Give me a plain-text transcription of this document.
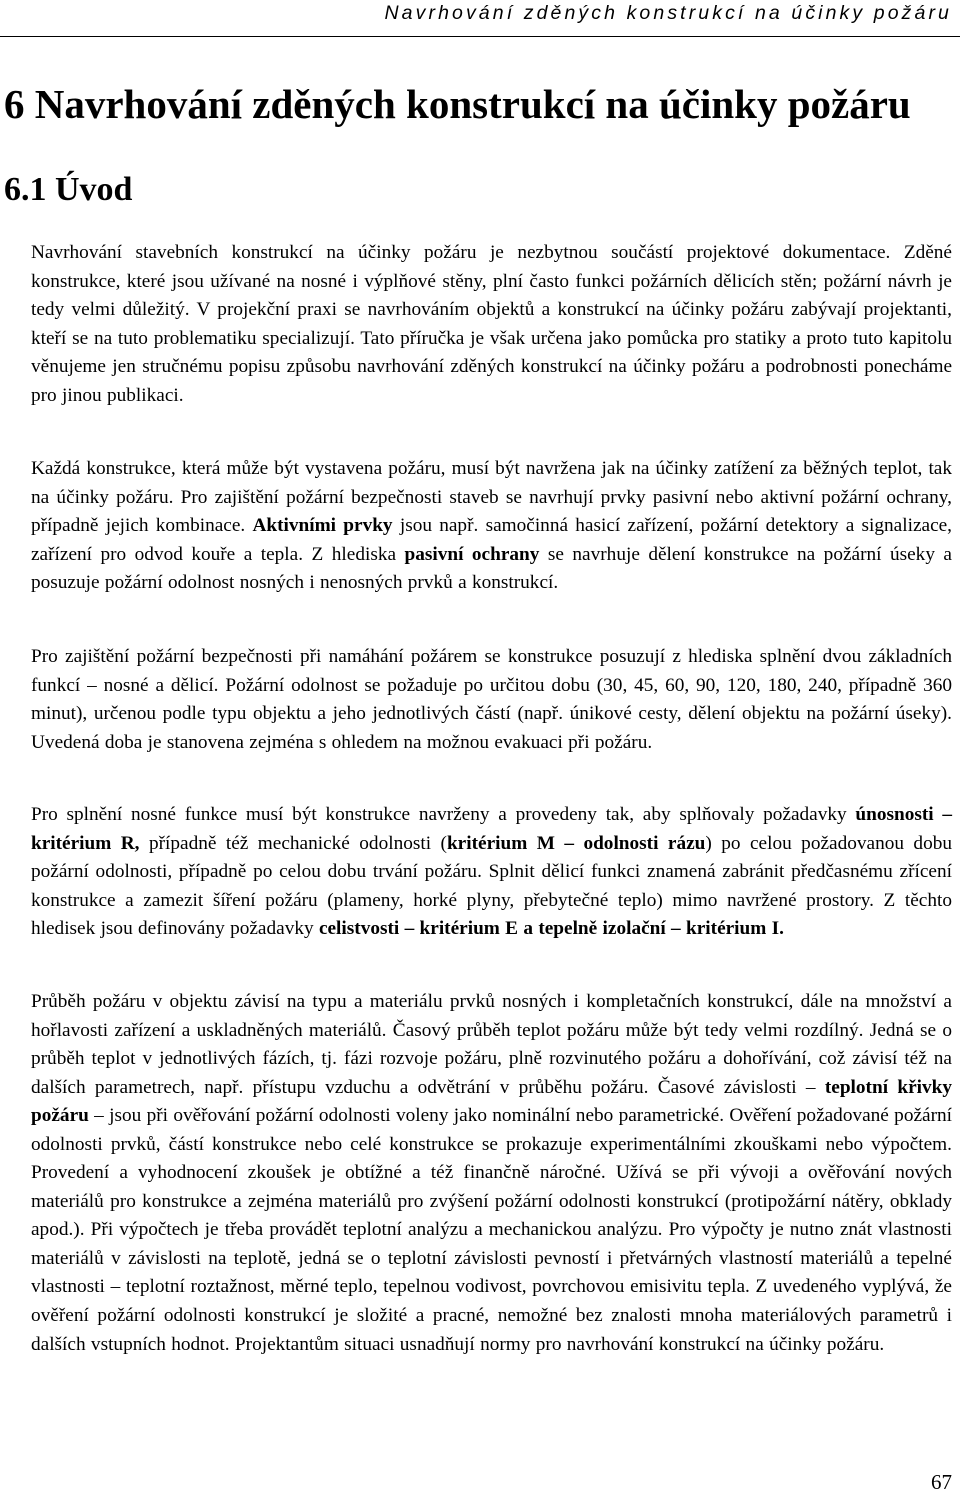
Navrhování zděných konstrukcí na účinky požáru
6 Navrhování zděných konstrukcí na účinky požáru
6.1 Úvod

Navrhování stavebních konstrukcí na účinky požáru je nezbytnou součástí projektové dokumentace. Zděné konstrukce, které jsou užívané na nosné i výplňové stěny, plní často funkci požárních dělicích stěn; požární návrh je tedy velmi důležitý. V projekční praxi se navrhováním objektů a konstrukcí na účinky požáru zabývají projektanti, kteří se na tuto problematiku specializují. Tato příručka je však určena jako pomůcka pro statiky a proto tuto kapitolu věnujeme jen stručnému popisu způsobu navrhování zděných konstrukcí na účinky požáru a podrobnosti ponecháme pro jinou publikaci.

Každá konstrukce, která může být vystavena požáru, musí být navržena jak na účinky zatížení za běžných teplot, tak na účinky požáru. Pro zajištění požární bezpečnosti staveb se navrhují prvky pasivní nebo aktivní požární ochrany, případně jejich kombinace. Aktivními prvky jsou např. samočinná hasicí zařízení, požární detektory a signalizace, zařízení pro odvod kouře a tepla. Z hlediska pasivní ochrany se navrhuje dělení konstrukce na požární úseky a posuzuje požární odolnost nosných i nenosných prvků a konstrukcí.

Pro zajištění požární bezpečnosti při namáhání požárem se konstrukce posuzují z hlediska splnění dvou základních funkcí – nosné a dělicí. Požární odolnost se požaduje po určitou dobu (30, 45, 60, 90, 120, 180, 240, případně 360 minut), určenou podle typu objektu a jeho jednotlivých částí (např. únikové cesty, dělení objektu na požární úseky). Uvedená doba je stanovena zejména s ohledem na možnou evakuaci při požáru.

Pro splnění nosné funkce musí být konstrukce navrženy a provedeny tak, aby splňovaly požadavky únosnosti – kritérium R, případně též mechanické odolnosti (kritérium M – odolnosti rázu) po celou požadovanou dobu požární odolnosti, případně po celou dobu trvání požáru. Splnit dělicí funkci znamená zabránit předčasnému zřícení konstrukce a zamezit šíření požáru (plameny, horké plyny, přebytečné teplo) mimo navržené prostory. Z těchto hledisek jsou definovány požadavky celistvosti – kritérium E a tepelně izolační – kritérium I.

Průběh požáru v objektu závisí na typu a materiálu prvků nosných i kompletačních konstrukcí, dále na množství a hořlavosti zařízení a uskladněných materiálů. Časový průběh teplot požáru může být tedy velmi rozdílný. Jedná se o průběh teplot v jednotlivých fázích, tj. fázi rozvoje požáru, plně rozvinutého požáru a dohořívání, což závisí též na dalších parametrech, např. přístupu vzduchu a odvětrání v průběhu požáru. Časové závislosti – teplotní křivky požáru – jsou při ověřování požární odolnosti voleny jako nominální nebo parametrické. Ověření požadované požární odolnosti prvků, částí konstrukce nebo celé konstrukce se prokazuje experimentálními zkouškami nebo výpočtem. Provedení a vyhodnocení zkoušek je obtížné a též finančně náročné. Užívá se při vývoji a ověřování nových materiálů pro konstrukce a zejména materiálů pro zvýšení požární odolnosti konstrukcí (protipožární nátěry, obklady apod.). Při výpočtech je třeba provádět teplotní analýzu a mechanickou analýzu. Pro výpočty je nutno znát vlastnosti materiálů v závislosti na teplotě, jedná se o teplotní závislosti pevností i přetvárných vlastností materiálů a tepelné vlastnosti – teplotní roztažnost, měrné teplo, tepelnou vodivost, povrchovou emisivitu tepla. Z uvedeného vyplývá, že ověření požární odolnosti konstrukcí je složité a pracné, nemožné bez znalosti mnoha materiálových parametrů i dalších vstupních hodnot. Projektantům situaci usnadňují normy pro navrhování konstrukcí na účinky požáru.

67
